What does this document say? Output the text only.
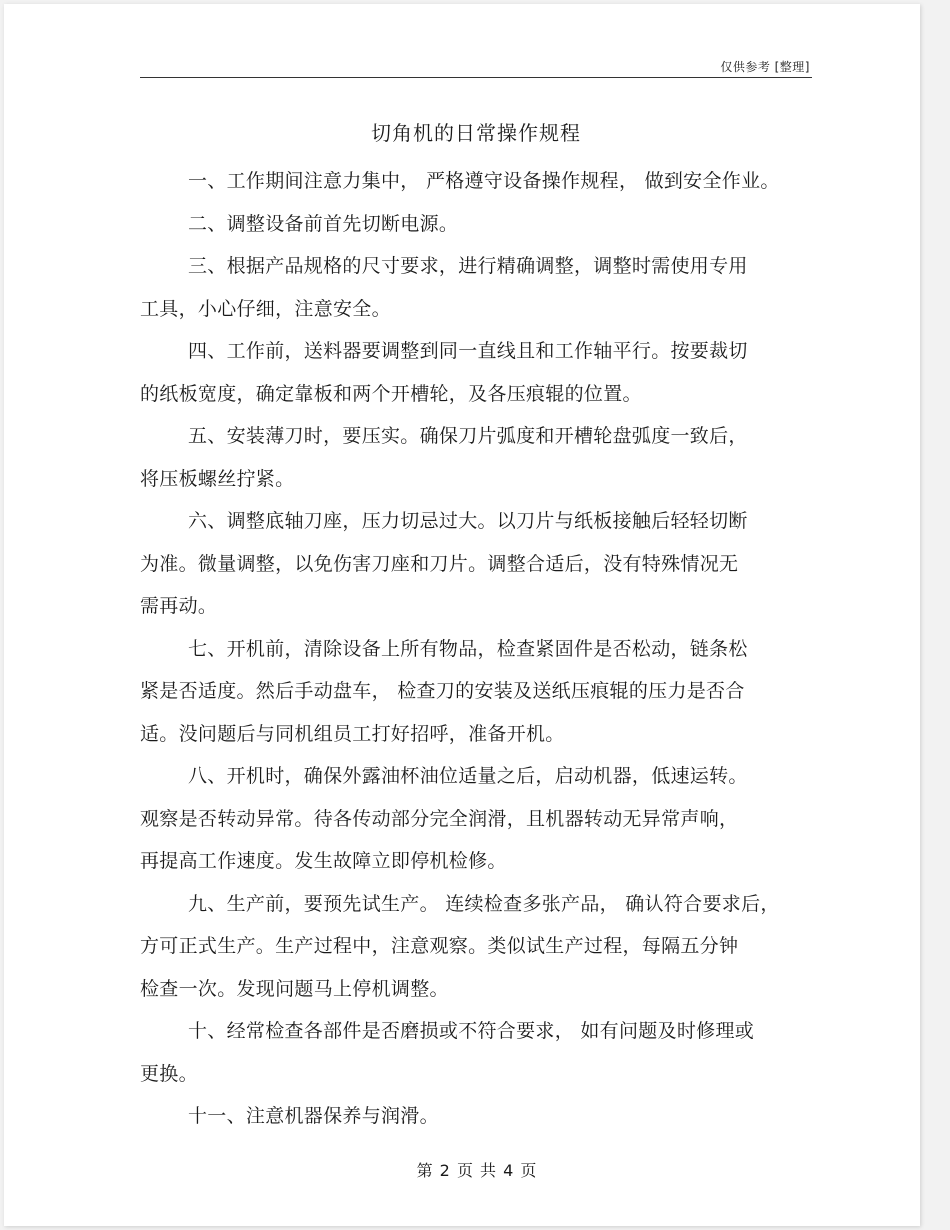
仅供参考 [整理]
切角机的日常操作规程
一、工作期间注意力集中， 严格遵守设备操作规程， 做到安全作业。
二、调整设备前首先切断电源。
三、根据产品规格的尺寸要求，进行精确调整，调整时需使用专用
工具，小心仔细，注意安全。
四、工作前，送料器要调整到同一直线且和工作轴平行。按要裁切
的纸板宽度，确定靠板和两个开槽轮，及各压痕辊的位置。
五、安装薄刀时，要压实。确保刀片弧度和开槽轮盘弧度一致后，
将压板螺丝拧紧。
六、调整底轴刀座，压力切忌过大。以刀片与纸板接触后轻轻切断
为准。微量调整，以免伤害刀座和刀片。调整合适后，没有特殊情况无
需再动。
七、开机前，清除设备上所有物品，检查紧固件是否松动，链条松
紧是否适度。然后手动盘车， 检查刀的安装及送纸压痕辊的压力是否合
适。没问题后与同机组员工打好招呼，准备开机。
八、开机时，确保外露油杯油位适量之后，启动机器，低速运转。
观察是否转动异常。待各传动部分完全润滑，且机器转动无异常声响，
再提高工作速度。发生故障立即停机检修。
九、生产前，要预先试生产。 连续检查多张产品， 确认符合要求后，
方可正式生产。生产过程中，注意观察。类似试生产过程，每隔五分钟
检查一次。发现问题马上停机调整。
十、经常检查各部件是否磨损或不符合要求， 如有问题及时修理或
更换。
十一、注意机器保养与润滑。
第 2 页 共 4 页
